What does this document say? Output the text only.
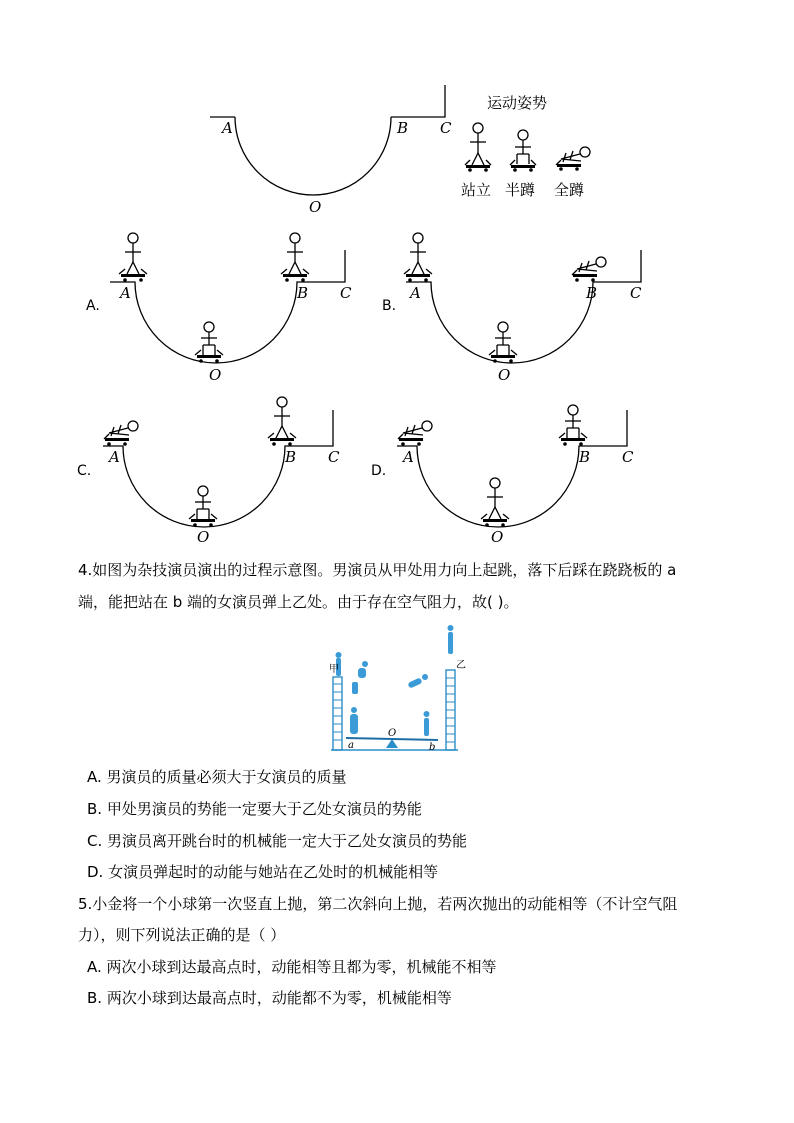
A	B C
O
运动姿势
站立 半蹲 全蹲
A.
A	B C
O
B.
A	B C
O
C.
A	B C
O
D.
A	B C
O
4.如图为杂技演员演出的过程示意图。男演员从甲处用力向上起跳，落下后踩在跷跷板的 a
端，能把站在 b 端的女演员弹上乙处。由于存在空气阻力，故( )。
甲	乙
a
O
b
A. 男演员的质量必须大于女演员的质量
B. 甲处男演员的势能一定要大于乙处女演员的势能
C. 男演员离开跳台时的机械能一定大于乙处女演员的势能
D. 女演员弹起时的动能与她站在乙处时的机械能相等
5.小金将一个小球第一次竖直上抛，第二次斜向上抛，若两次抛出的动能相等（不计空气阻
力），则下列说法正确的是（ ）
A. 两次小球到达最高点时，动能相等且都为零，机械能不相等
B. 两次小球到达最高点时，动能都不为零，机械能相等
